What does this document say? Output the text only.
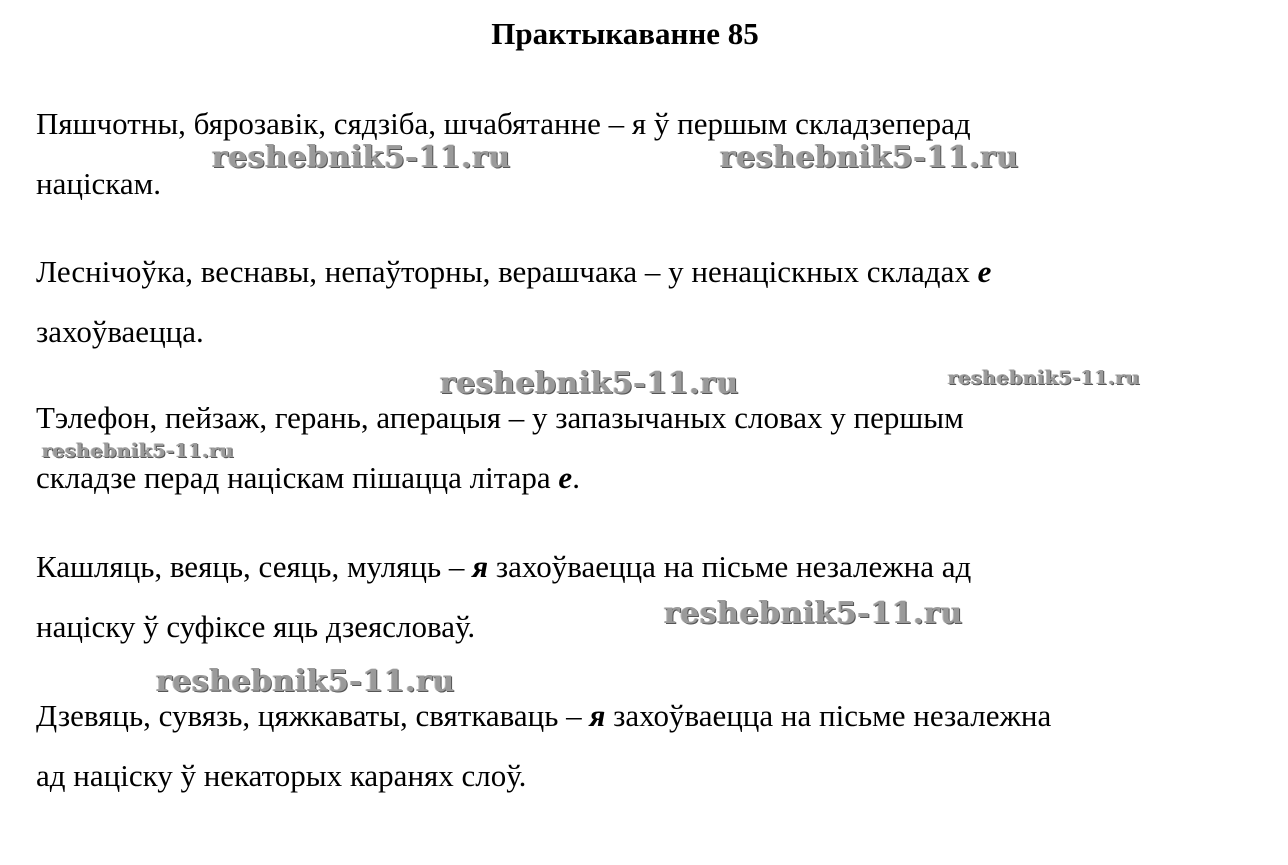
Практыкаванне 85

Пяшчотны, бярозавік, сядзіба, шчабятанне – я ў першым складзеперад
націскам.

Леснічоўка, веснавы, непаўторны, верашчака – у ненаціскных складах е
захоўваецца.

Тэлефон, пейзаж, герань, аперацыя – у запазычаных словах у першым
складзе перад націскам пішацца літара е.

Кашляць, веяць, сеяць, муляць – я захоўваецца на пісьме незалежна ад
націску ў суфіксе яць дзеясловаў.

Дзевяць, сувязь, цяжкаваты, святкаваць – я захоўваецца на пісьме незалежна
ад націску ў некаторых каранях слоў.

reshebnik5-11.ru	reshebnik5-11.ru
reshebnik5-11.ru	reshebnik5-11.ru
reshebnik5-11.ru
reshebnik5-11.ru
reshebnik5-11.ru
